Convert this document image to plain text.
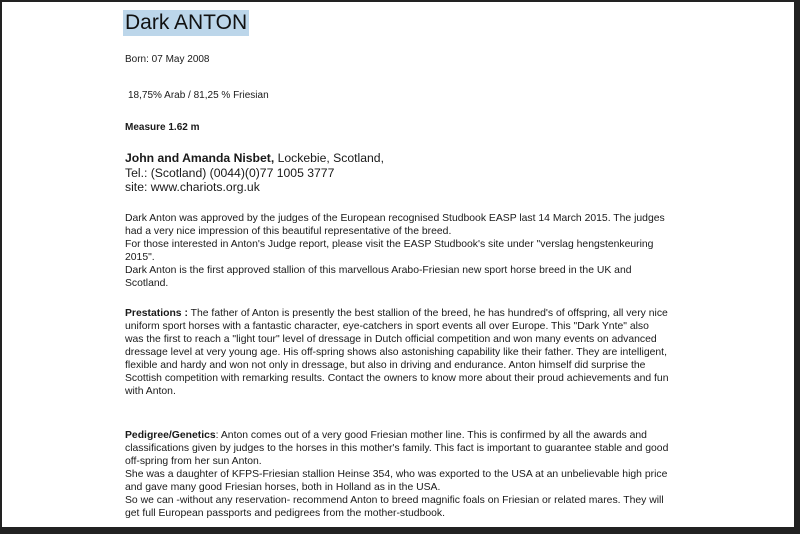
Dark ANTON
Born: 07 May 2008
18,75% Arab / 81,25 % Friesian
Measure 1.62 m
John and Amanda Nisbet, Lockebie, Scotland,
Tel.: (Scotland) (0044)(0)77 1005 3777
site: www.chariots.org.uk

Dark Anton was approved by the judges of the European recognised Studbook EASP last 14 March 2015. The judges had a very nice impression of this beautiful representative of the breed.

For those interested in Anton's Judge report, please visit the EASP Studbook's site under "verslag hengstenkeuring 2015".

Dark Anton is the first approved stallion of this marvellous Arabo-Friesian new sport horse breed in the UK and Scotland.

Prestations : The father of Anton is presently the best stallion of the breed, he has hundred's of offspring, all very nice uniform sport horses with a fantastic character, eye-catchers in sport events all over Europe. This "Dark Ynte" also was the first to reach a "light tour" level of dressage in Dutch official competition and won many events on advanced dressage level at very young age. His off-spring shows also astonishing capability like their father. They are intelligent, flexible and hardy and won not only in dressage, but also in driving and endurance. Anton himself did surprise the Scottish competition with remarking results. Contact the owners to know more about their proud achievements and fun with Anton.

Pedigree/Genetics: Anton comes out of a very good Friesian mother line. This is confirmed by all the awards and classifications given by judges to the horses in this mother's family. This fact is important to guarantee stable and good off-spring from her sun Anton.

She was a daughter of KFPS-Friesian stallion Heinse 354, who was exported to the USA at an unbelievable high price and gave many good Friesian horses, both in Holland as in the USA.

So we can -without any reservation- recommend Anton to breed magnific foals on Friesian or related mares. They will get full European passports and pedigrees from the mother-studbook.
